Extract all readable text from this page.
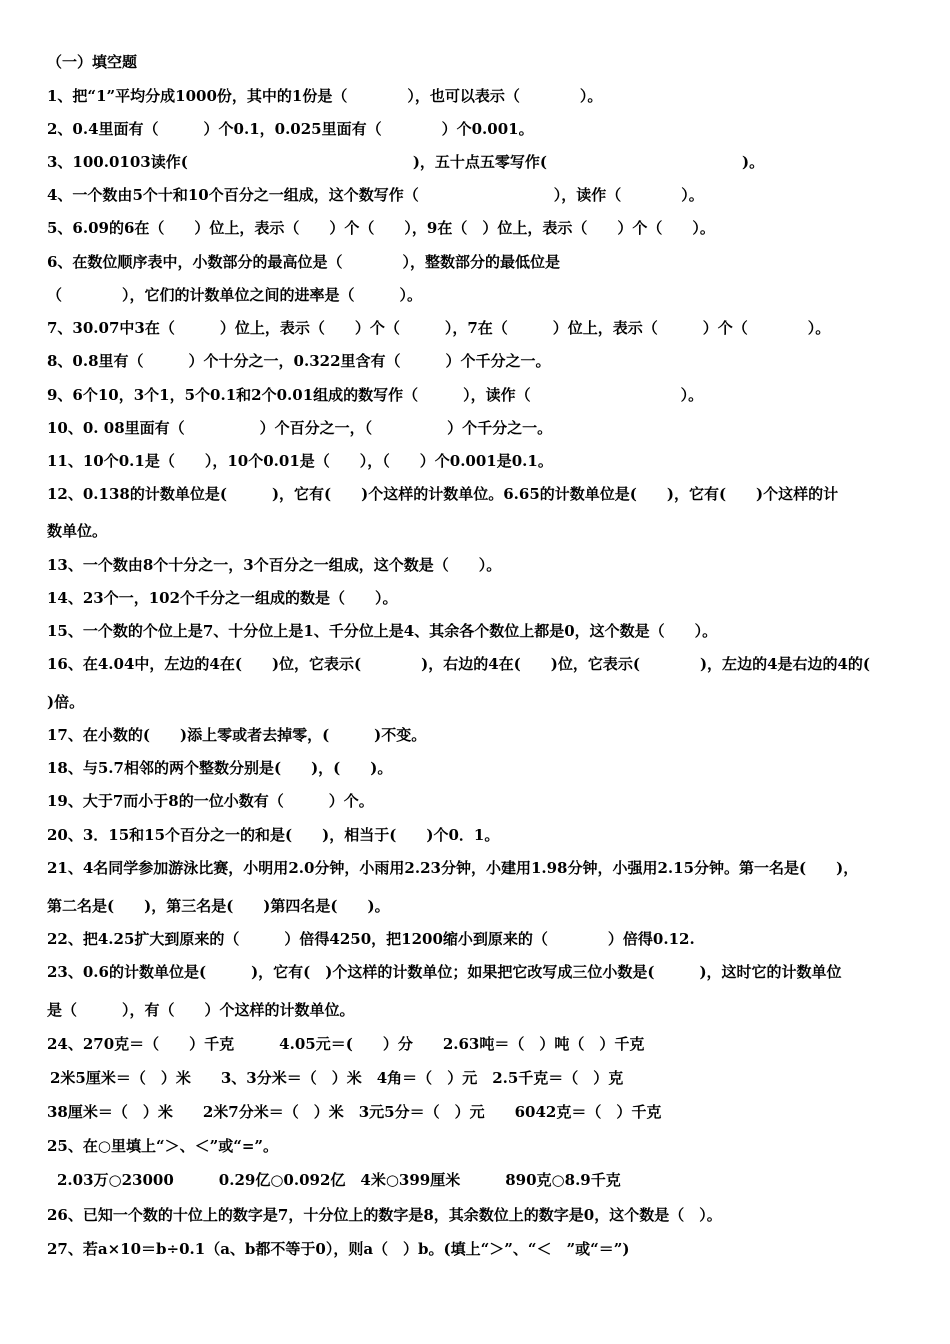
（一）填空题
1、把“1”平均分成1000份，其中的1份是（　　　　），也可以表示（　　　　）。
2、0.4里面有（　　　）个0.1，0.025里面有（　　　　）个0.001。
3、100.0103读作(　　　　　　　　　　　　　　　)，五十点五零写作(　　　　　　　　　　　　　)。
4、一个数由5个十和10个百分之一组成，这个数写作（　　　　　　　　　），读作（　　　　）。
5、6.09的6在（　　）位上，表示（　　）个（　　），9在（　）位上，表示（　　）个（　　）。
6、在数位顺序表中，小数部分的最高位是（　　　　），整数部分的最低位是
（　　　　），它们的计数单位之间的进率是（　　　）。
7、30.07中3在（　　　）位上，表示（　　）个（　　　），7在（　　　）位上，表示（　　　）个（　　　　）。
8、0.8里有（　　　）个十分之一，0.322里含有（　　　）个千分之一。
9、6个10，3个1，5个0.1和2个0.01组成的数写作（　　　），读作（　　　　　　　　　　）。
10、0. 08里面有（　　　　　）个百分之一，（　　　　　）个千分之一。
11、10个0.1是（　　），10个0.01是（　　），（　　）个0.001是0.1。
12、0.138的计数单位是(　　　)，它有(　　)个这样的计数单位。6.65的计数单位是(　　)，它有(　　)个这样的计
数单位。
13、一个数由8个十分之一，3个百分之一组成，这个数是（　　）。
14、23个一，102个千分之一组成的数是（　　）。
15、一个数的个位上是7、十分位上是1、千分位上是4、其余各个数位上都是0，这个数是（　　）。
16、在4.04中，左边的4在(　　)位，它表示(　　　　)，右边的4在(　　)位，它表示(　　　　)，左边的4是右边的4的(
)倍。
17、在小数的(　　)添上零或者去掉零，(　　　)不变。
18、与5.7相邻的两个整数分别是(　　)，(　　)。
19、大于7而小于8的一位小数有（　　　）个。
20、3．15和15个百分之一的和是(　　)，相当于(　　)个0．1。
21、4名同学参加游泳比赛，小明用2.0分钟，小雨用2.23分钟，小建用1.98分钟，小强用2.15分钟。第一名是(　　)，
第二名是(　　)，第三名是(　　)第四名是(　　)。
22、把4.25扩大到原来的（　　　）倍得4250，把1200缩小到原来的（　　　　）倍得0.12.
23、0.6的计数单位是(　　　)，它有(　)个这样的计数单位；如果把它改写成三位小数是(　　　)，这时它的计数单位
是（　　　），有（　　）个这样的计数单位。
24、270克＝（　　）千克　　　4.05元＝(　　）分　　2.63吨＝（　）吨（　）千克
2米5厘米＝（　）米　　3、3分米＝（　）米　4角＝（　）元　2.5千克＝（　）克
38厘米＝（　）米　　2米7分米＝（　）米　3元5分＝（　）元　　6042克＝（　）千克
25、在○里填上“＞、＜”或“=”。
2.03万○23000　　　0.29亿○0.092亿　4米○399厘米　　　890克○8.9千克
26、已知一个数的十位上的数字是7，十分位上的数字是8，其余数位上的数字是0，这个数是（　）。
27、若a×10＝b÷0.1（a、b都不等于0），则a（　）b。(填上“＞”、“＜　”或“＝”)
